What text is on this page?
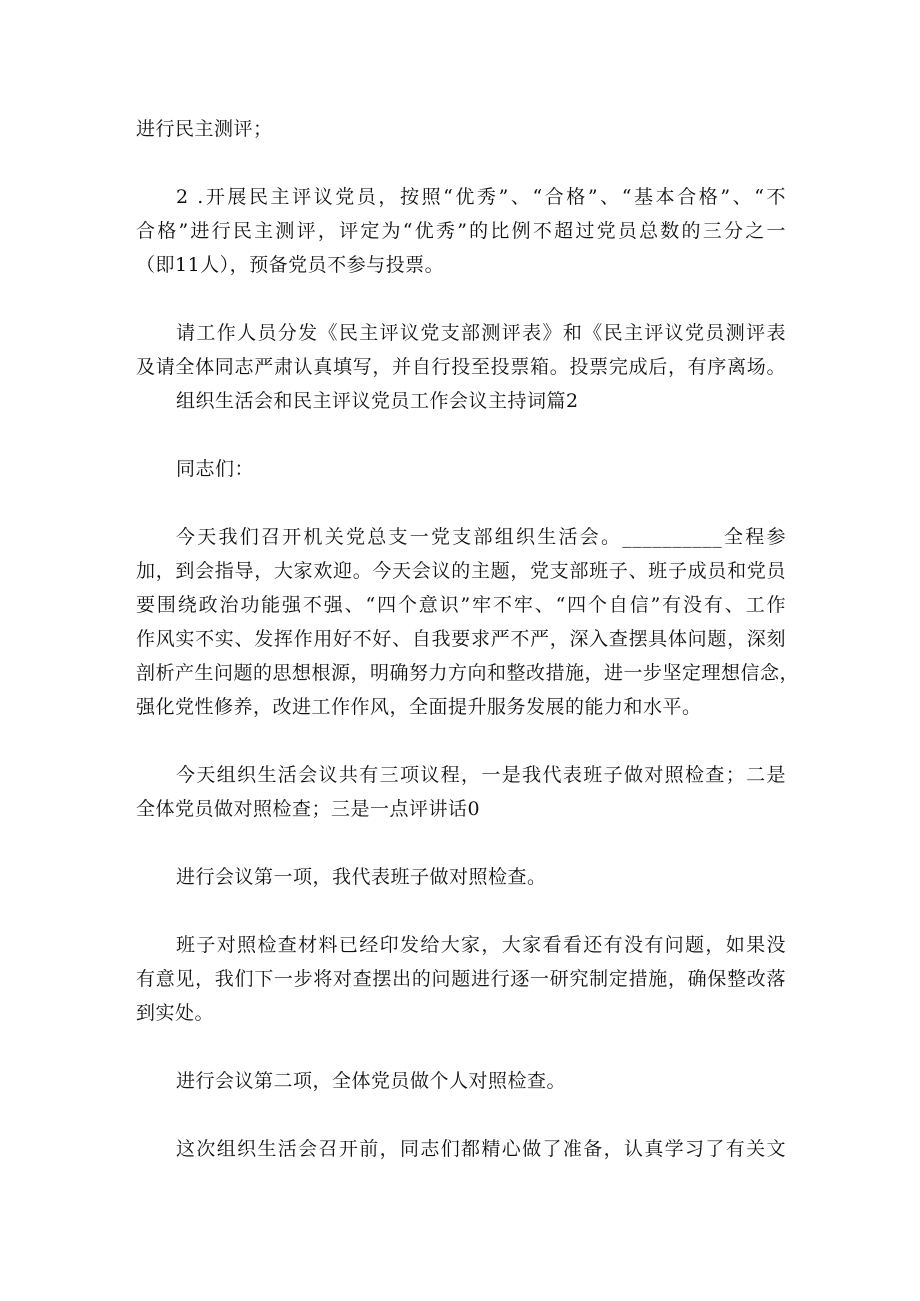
进行民主测评；
2 .开展民主评议党员，按照“优秀”、“合格”、“基本合格”、“不
合格”进行民主测评，评定为“优秀”的比例不超过党员总数的三分之一
（即11人），预备党员不参与投票。
请工作人员分发《民主评议党支部测评表》和《民主评议党员测评表
及请全体同志严肃认真填写，并自行投至投票箱。投票完成后，有序离场。
组织生活会和民主评议党员工作会议主持词篇2
同志们：
今天我们召开机关党总支一党支部组织生活会。__________全程参
加，到会指导，大家欢迎。今天会议的主题，党支部班子、班子成员和党员
要围绕政治功能强不强、“四个意识”牢不牢、“四个自信”有没有、工作
作风实不实、发挥作用好不好、自我要求严不严，深入查摆具体问题，深刻
剖析产生问题的思想根源，明确努力方向和整改措施，进一步坚定理想信念，
强化党性修养，改进工作作风，全面提升服务发展的能力和水平。
今天组织生活会议共有三项议程，一是我代表班子做对照检查；二是
全体党员做对照检查；三是一点评讲话0
进行会议第一项，我代表班子做对照检查。
班子对照检查材料已经印发给大家，大家看看还有没有问题，如果没
有意见，我们下一步将对查摆出的问题进行逐一研究制定措施，确保整改落
到实处。
进行会议第二项，全体党员做个人对照检查。
这次组织生活会召开前，同志们都精心做了准备，认真学习了有关文
